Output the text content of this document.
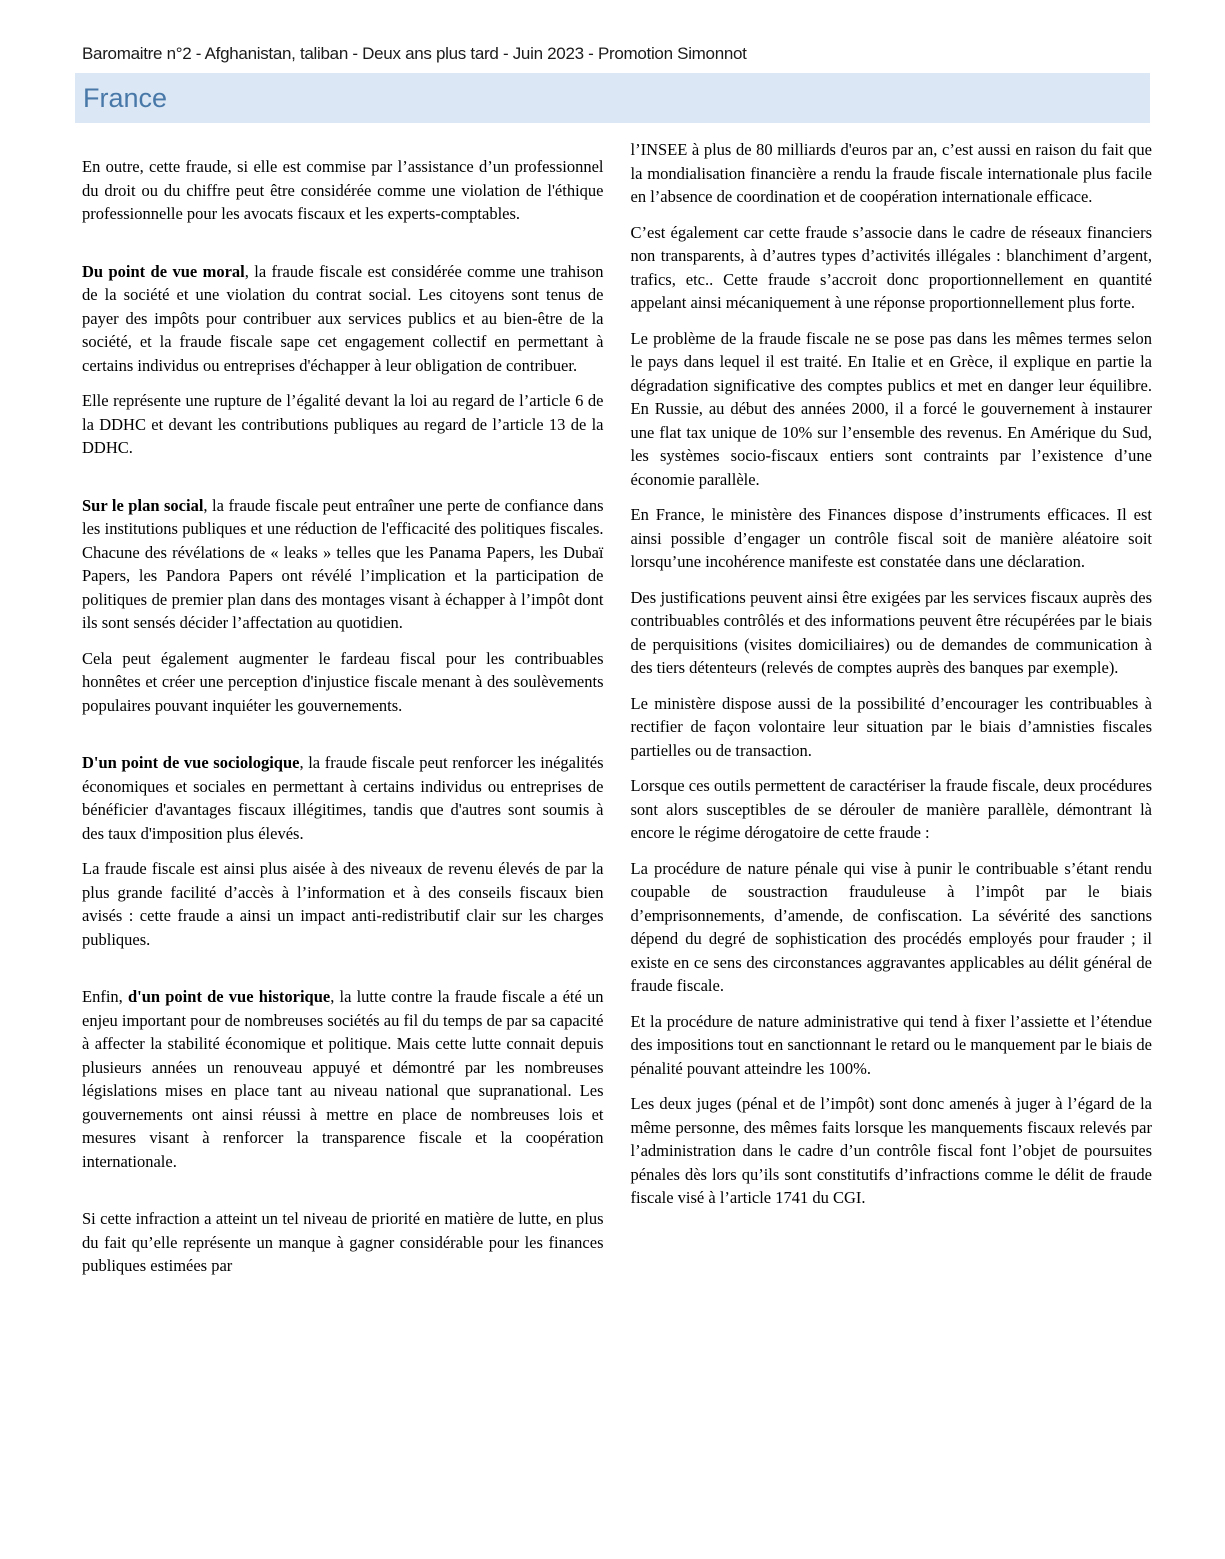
Baromaitre n°2 - Afghanistan, taliban - Deux ans plus tard - Juin 2023 - Promotion Simonnot
France

En outre, cette fraude, si elle est commise par l’assistance d’un professionnel du droit ou du chiffre peut être considérée comme une violation de l'éthique professionnelle pour les avocats fiscaux et les experts-comptables.

Du point de vue moral, la fraude fiscale est considérée comme une trahison de la société et une violation du contrat social. Les citoyens sont tenus de payer des impôts pour contribuer aux services publics et au bien-être de la société, et la fraude fiscale sape cet engagement collectif en permettant à certains individus ou entreprises d'échapper à leur obligation de contribuer.

Elle représente une rupture de l’égalité devant la loi au regard de l’article 6 de la DDHC et devant les contributions publiques au regard de l’article 13 de la DDHC.

Sur le plan social, la fraude fiscale peut entraîner une perte de confiance dans les institutions publiques et une réduction de l'efficacité des politiques fiscales. Chacune des révélations de « leaks » telles que les Panama Papers, les Dubaï Papers, les Pandora Papers ont révélé l’implication et la participation de politiques de premier plan dans des montages visant à échapper à l’impôt dont ils sont sensés décider l’affectation au quotidien.

Cela peut également augmenter le fardeau fiscal pour les contribuables honnêtes et créer une perception d'injustice fiscale menant à des soulèvements populaires pouvant inquiéter les gouvernements.

D'un point de vue sociologique, la fraude fiscale peut renforcer les inégalités économiques et sociales en permettant à certains individus ou entreprises de bénéficier d'avantages fiscaux illégitimes, tandis que d'autres sont soumis à des taux d'imposition plus élevés.

La fraude fiscale est ainsi plus aisée à des niveaux de revenu élevés de par la plus grande facilité d’accès à l’information et à des conseils fiscaux bien avisés : cette fraude a ainsi un impact anti-redistributif clair sur les charges publiques.

Enfin, d'un point de vue historique, la lutte contre la fraude fiscale a été un enjeu important pour de nombreuses sociétés au fil du temps de par sa capacité à affecter la stabilité économique et politique. Mais cette lutte connait depuis plusieurs années un renouveau appuyé et démontré par les nombreuses législations mises en place tant au niveau national que supranational. Les gouvernements ont ainsi réussi à mettre en place de nombreuses lois et mesures visant à renforcer la transparence fiscale et la coopération internationale.

Si cette infraction a atteint un tel niveau de priorité en matière de lutte, en plus du fait qu’elle représente un manque à gagner considérable pour les finances publiques estimées par

l’INSEE à plus de 80 milliards d'euros par an, c’est aussi en raison du fait que la mondialisation financière a rendu la fraude fiscale internationale plus facile en l’absence de coordination et de coopération internationale efficace.

C’est également car cette fraude s’associe dans le cadre de réseaux financiers non transparents, à d’autres types d’activités illégales : blanchiment d’argent, trafics, etc.. Cette fraude s’accroit donc proportionnellement en quantité appelant ainsi mécaniquement à une réponse proportionnellement plus forte.

Le problème de la fraude fiscale ne se pose pas dans les mêmes termes selon le pays dans lequel il est traité. En Italie et en Grèce, il explique en partie la dégradation significative des comptes publics et met en danger leur équilibre. En Russie, au début des années 2000, il a forcé le gouvernement à instaurer une flat tax unique de 10% sur l’ensemble des revenus. En Amérique du Sud, les systèmes socio-fiscaux entiers sont contraints par l’existence d’une économie parallèle.

En France, le ministère des Finances dispose d’instruments efficaces. Il est ainsi possible d’engager un contrôle fiscal soit de manière aléatoire soit lorsqu’une incohérence manifeste est constatée dans une déclaration.

Des justifications peuvent ainsi être exigées par les services fiscaux auprès des contribuables contrôlés et des informations peuvent être récupérées par le biais de perquisitions (visites domiciliaires) ou de demandes de communication à des tiers détenteurs (relevés de comptes auprès des banques par exemple).

Le ministère dispose aussi de la possibilité d’encourager les contribuables à rectifier de façon volontaire leur situation par le biais d’amnisties fiscales partielles ou de transaction.

Lorsque ces outils permettent de caractériser la fraude fiscale, deux procédures sont alors susceptibles de se dérouler de manière parallèle, démontrant là encore le régime dérogatoire de cette fraude :

La procédure de nature pénale qui vise à punir le contribuable s’étant rendu coupable de soustraction frauduleuse à l’impôt par le biais d’emprisonnements, d’amende, de confiscation. La sévérité des sanctions dépend du degré de sophistication des procédés employés pour frauder ; il existe en ce sens des circonstances aggravantes applicables au délit général de fraude fiscale.

Et la procédure de nature administrative qui tend à fixer l’assiette et l’étendue des impositions tout en sanctionnant le retard ou le manquement par le biais de pénalité pouvant atteindre les 100%.

Les deux juges (pénal et de l’impôt) sont donc amenés à juger à l’égard de la même personne, des mêmes faits lorsque les manquements fiscaux relevés par l’administration dans le cadre d’un contrôle fiscal font l’objet de poursuites pénales dès lors qu’ils sont constitutifs d’infractions comme le délit de fraude fiscale visé à l’article 1741 du CGI.
